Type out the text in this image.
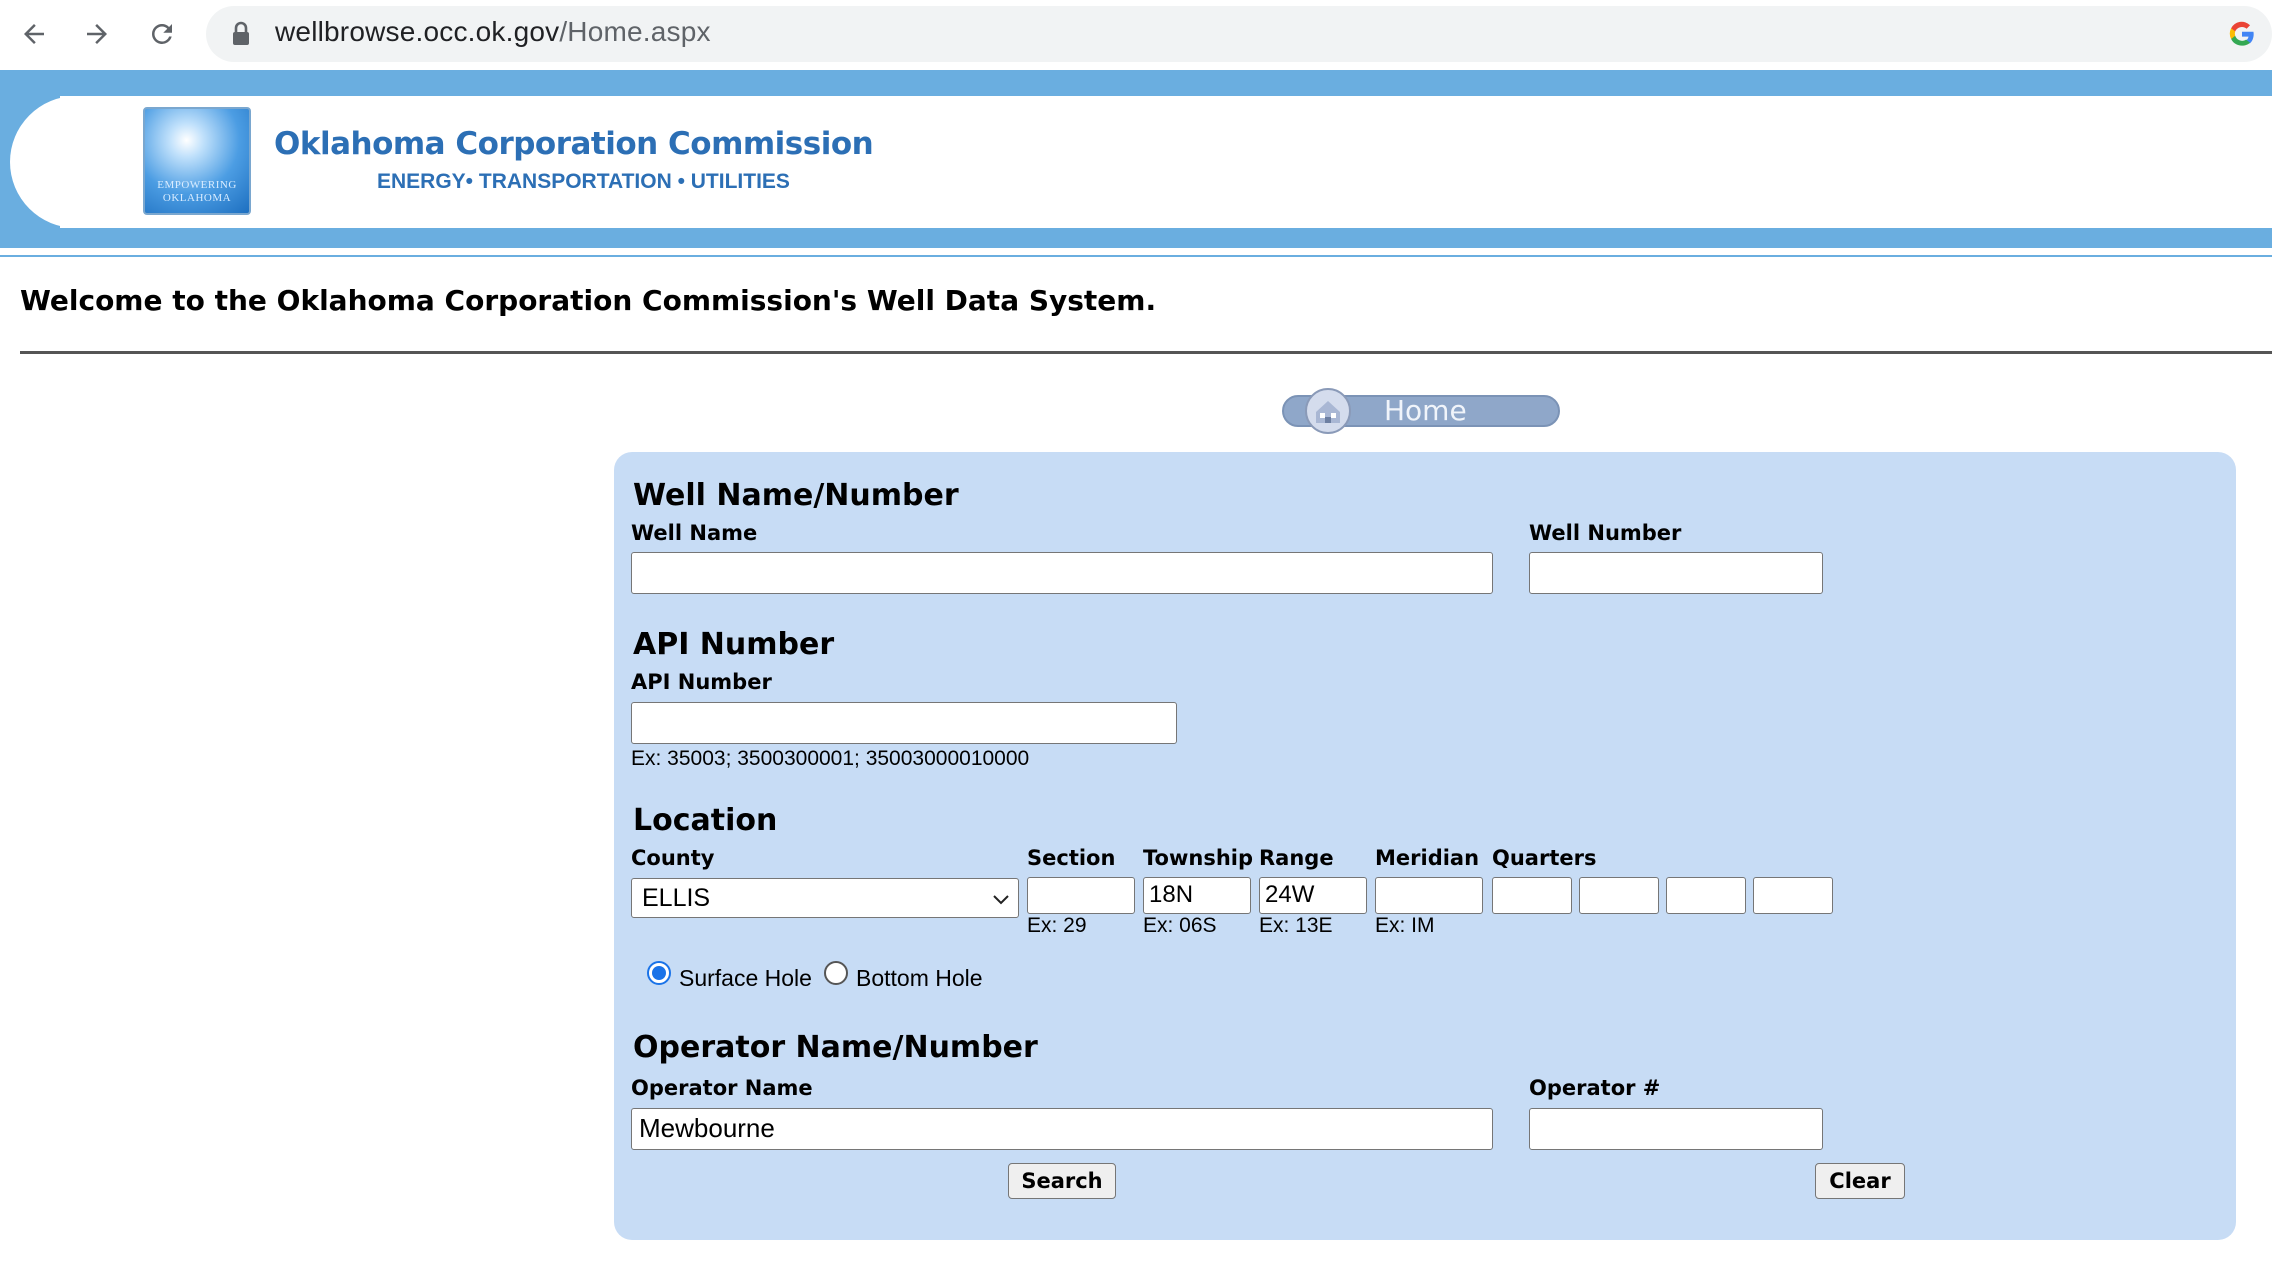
wellbrowse.occ.ok.gov/Home.aspx
EMPOWERING
OKLAHOMA
Oklahoma Corporation Commission
ENERGY• TRANSPORTATION • UTILITIES
Welcome to the Oklahoma Corporation Commission's Well Data System.
Home
Well Name/Number
Well Name	Well Number
API Number
API Number
Ex: 35003; 3500300001; 35003000010000
Location
County
ELLIS
Section
Ex: 29
Township
18N
Ex: 06S
Range
24W
Ex: 13E
Meridian
Ex: IM
Quarters
Surface Hole Bottom Hole
Operator Name/Number
Operator Name
Mewbourne
Operator #
Search	Clear
